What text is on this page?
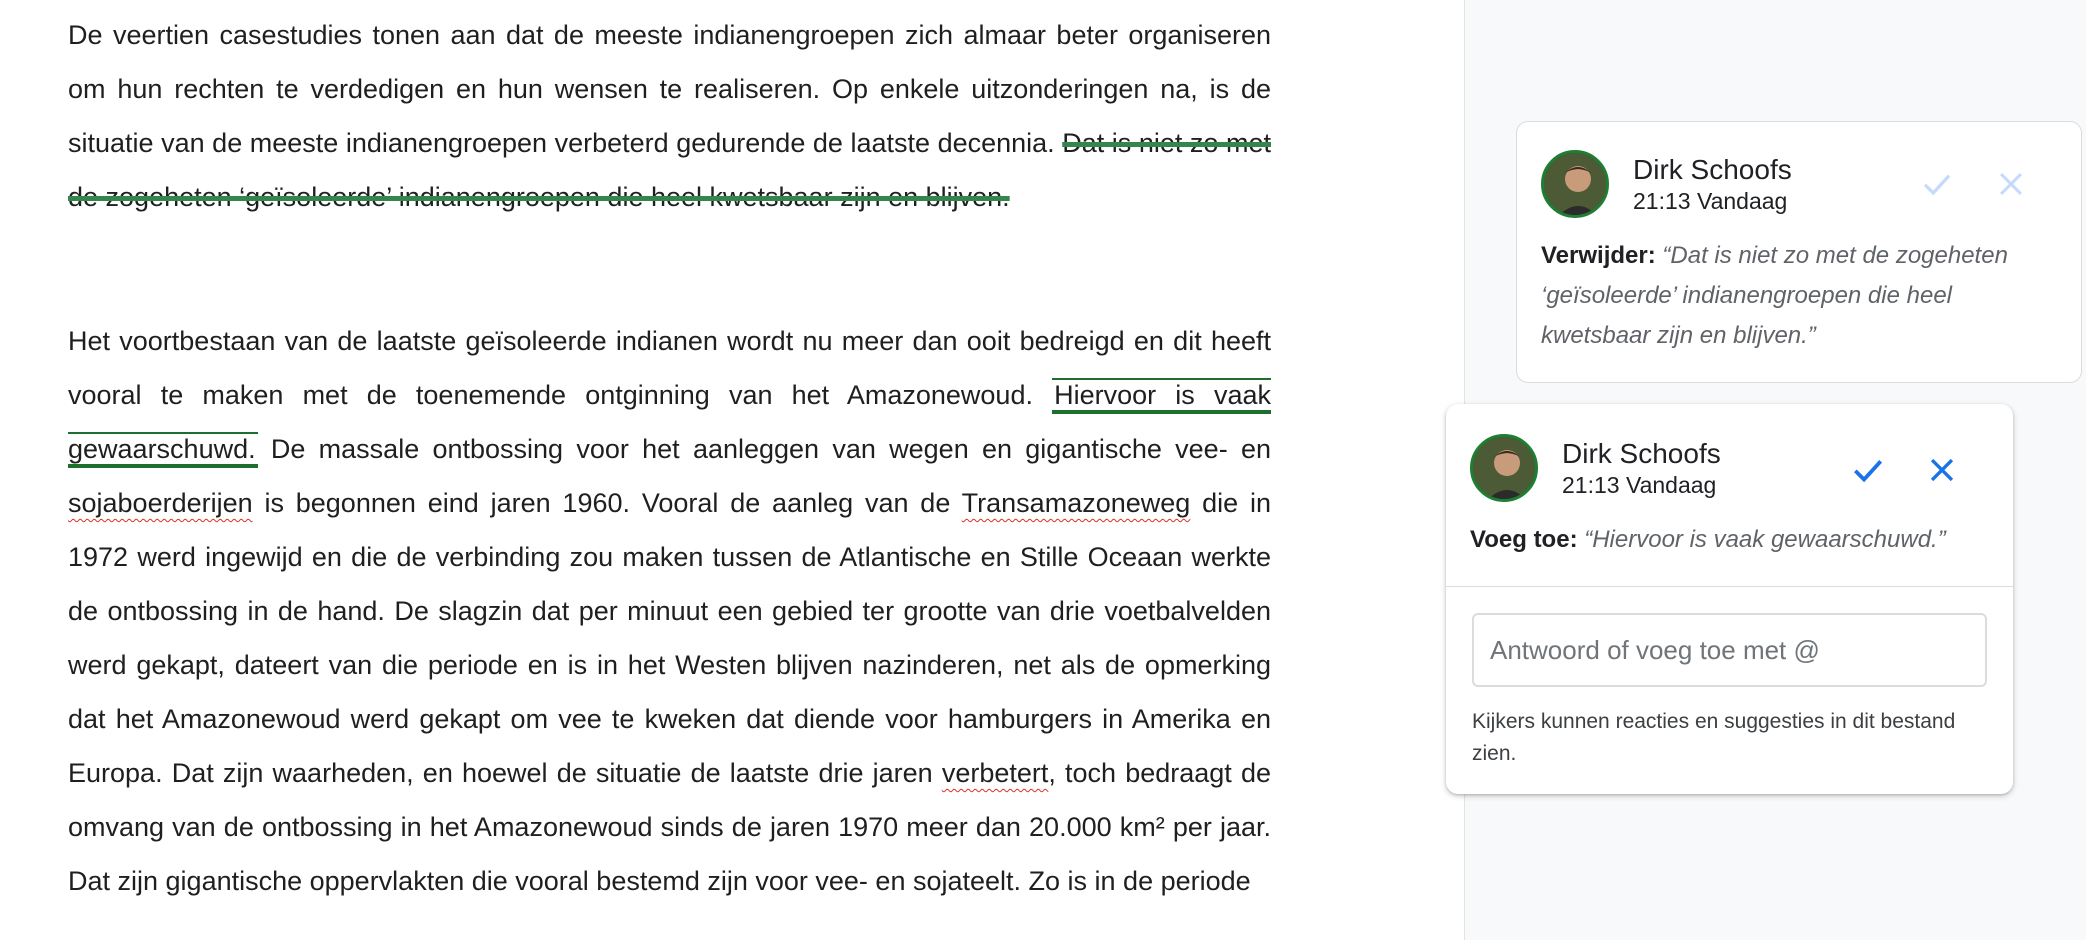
De veertien casestudies tonen aan dat de meeste indianengroepen zich almaar beter organiseren om hun rechten te verdedigen en hun wensen te realiseren. Op enkele uitzonderingen na, is de situatie van de meeste indianengroepen verbeterd gedurende de laatste decennia. Dat is niet zo met de zogeheten ‘geïsoleerde’ indianengroepen die heel kwetsbaar zijn en blijven.

Het voortbestaan van de laatste geïsoleerde indianen wordt nu meer dan ooit bedreigd en dit heeft vooral te maken met de toenemende ontginning van het Amazonewoud. Hiervoor is vaak gewaarschuwd. De massale ontbossing voor het aanleggen van wegen en gigantische vee- en sojaboerderijen is begonnen eind jaren 1960. Vooral de aanleg van de Transamazoneweg die in 1972 werd ingewijd en die de verbinding zou maken tussen de Atlantische en Stille Oceaan werkte de ontbossing in de hand. De slagzin dat per minuut een gebied ter grootte van drie voetbalvelden werd gekapt, dateert van die periode en is in het Westen blijven nazinderen, net als de opmerking dat het Amazonewoud werd gekapt om vee te kweken dat diende voor hamburgers in Amerika en Europa. Dat zijn waarheden, en hoewel de situatie de laatste drie jaren verbetert, toch bedraagt de omvang van de ontbossing in het Amazonewoud sinds de jaren 1970 meer dan 20.000 km² per jaar. Dat zijn gigantische oppervlakten die vooral bestemd zijn voor vee- en sojateelt. Zo is in de periode

Dirk Schoofs
21:13 Vandaag
Verwijder: “Dat is niet zo met de zogeheten ‘geïsoleerde’ indianengroepen die heel kwetsbaar zijn en blijven.”
Dirk Schoofs
21:13 Vandaag
Voeg toe: “Hiervoor is vaak gewaarschuwd.”
Antwoord of voeg toe met @
Kijkers kunnen reacties en suggesties in dit bestand zien.
